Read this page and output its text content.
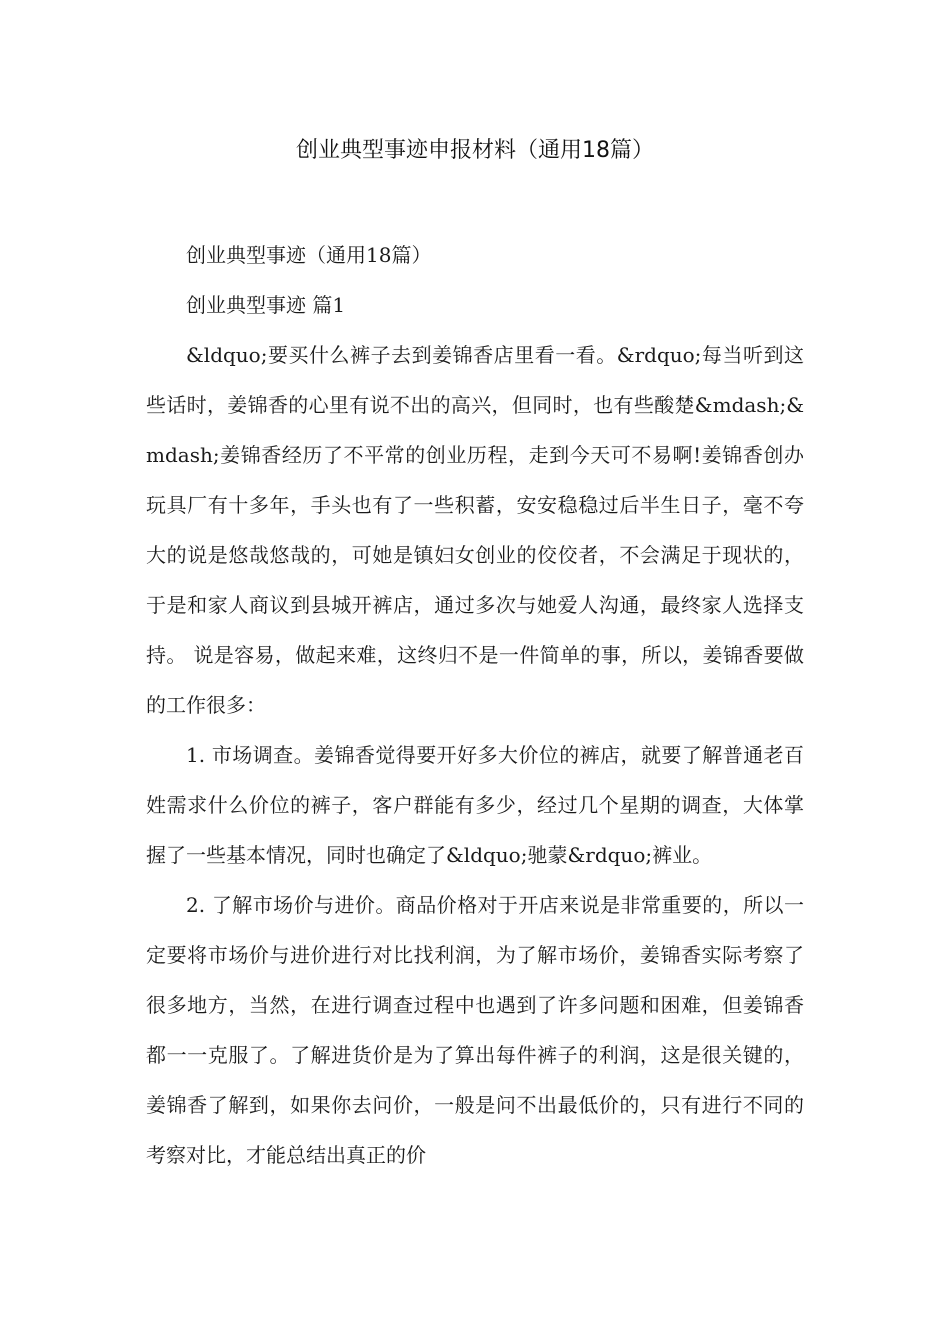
创业典型事迹申报材料（通用18篇）

创业典型事迹（通用18篇）

创业典型事迹 篇1

&ldquo;要买什么裤子去到姜锦香店里看一看。&rdquo;每当听到这些话时，姜锦香的心里有说不出的高兴，但同时，也有些酸楚&mdash;&mdash;姜锦香经历了不平常的创业历程，走到今天可不易啊!姜锦香创办玩具厂有十多年，手头也有了一些积蓄，安安稳稳过后半生日子，毫不夸大的说是悠哉悠哉的，可她是镇妇女创业的佼佼者，不会满足于现状的，于是和家人商议到县城开裤店，通过多次与她爱人沟通，最终家人选择支持。 说是容易，做起来难，这终归不是一件简单的事，所以，姜锦香要做的工作很多：

1. 市场调查。姜锦香觉得要开好多大价位的裤店，就要了解普通老百姓需求什么价位的裤子，客户群能有多少，经过几个星期的调查，大体掌握了一些基本情况，同时也确定了&ldquo;驰蒙&rdquo;裤业。

2. 了解市场价与进价。商品价格对于开店来说是非常重要的，所以一定要将市场价与进价进行对比找利润，为了解市场价，姜锦香实际考察了很多地方，当然，在进行调查过程中也遇到了许多问题和困难，但姜锦香都一一克服了。了解进货价是为了算出每件裤子的利润，这是很关键的，姜锦香了解到，如果你去问价，一般是问不出最低价的，只有进行不同的考察对比，才能总结出真正的价
